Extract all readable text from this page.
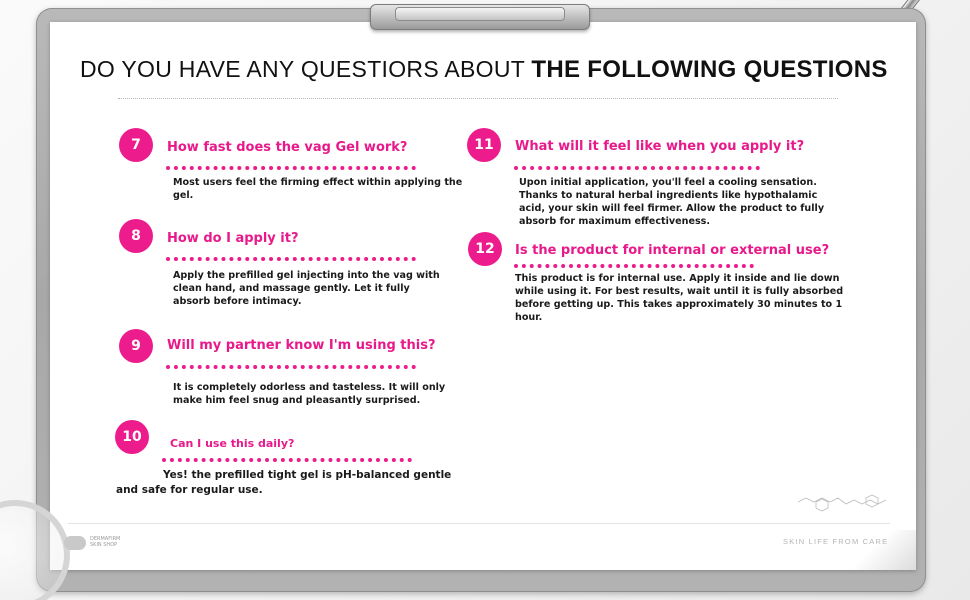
DO YOU HAVE ANY QUESTIORS ABOUT THE FOLLOWING QUESTIONS
7	How fast does the vag Gel work?
Most users feel the firming effect within applying the gel.
8	How do I apply it?
Apply the prefilled gel injecting into the vag with clean hand, and massage gently. Let it fully absorb before intimacy.
9	Will my partner know I'm using this?
It is completely odorless and tasteless. It will only make him feel snug and pleasantly surprised.
10	Can I use this daily?
Yes! the prefilled tight gel is pH-balanced gentle and safe for regular use.
11	What will it feel like when you apply it?
Upon initial application, you'll feel a cooling sensation. Thanks to natural herbal ingredients like hypothalamic acid, your skin will feel firmer. Allow the product to fully absorb for maximum effectiveness.
12	Is the product for internal or external use?
This product is for internal use. Apply it inside and lie down while using it. For best results, wait until it is fully absorbed before getting up. This takes approximately 30 minutes to 1 hour.
DERMAFIRM
SKIN SHOP	SKIN LIFE FROM CARE
